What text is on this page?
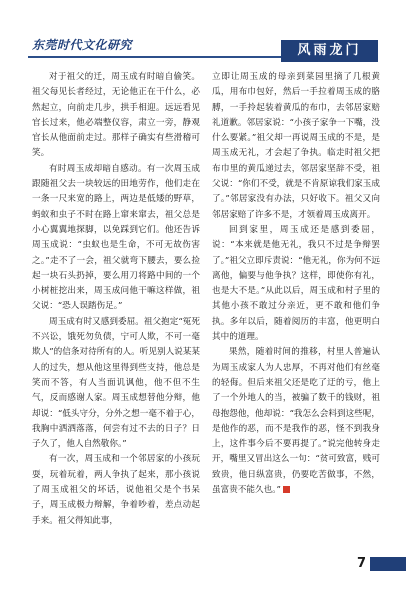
东莞时代文化研究	风雨龙门

对于祖父的迁，周玉成有时暗自偷笑。祖父每见长者经过，无论他正在干什么，必然起立，向前走几步，拱手相迎。远远看见官长过来，他必端整仪容，肃立一旁，静观官长从他面前走过。那样子确实有些滑稽可笑。

有时周玉成却暗自感动。有一次周玉成跟随祖父去一块较远的田地劳作，他们走在一条一尺来宽的路上，两边是低矮的野草，蚂蚁和虫子不时在路上窜来窜去，祖父总是小心翼翼地探脚，以免踩到它们。他还告诉周玉成说：“虫蚁也是生命，不可无故伤害之。”走不了一会，祖父就弯下腰去，要么捡起一块石头扔掉，要么用刀将路中间的一个小树桩挖出来，周玉成问他干嘛这样做，祖父说：“恐人误踏伤足。”

周玉成有时又感到委屈。祖父抱定“冤死不兴讼，饿死勿负债，宁可人欺，不可一毫欺人”的信条对待所有的人。听见别人说某某人的过失，想从他这里得到些支持，他总是笑而不答，有人当面讥讽他，他不但不生气，反而感谢人家。周玉成想替他分辩，他却说：“低头守分，分外之想一毫不着于心，我胸中洒洒落落，何尝有过不去的日子？日子久了，他人自然敬你。”

有一次，周玉成和一个邻居家的小孩玩耍，玩着玩着，两人争执了起来，那小孩说了周玉成祖父的坏话，说他祖父是个书呆子，周玉成极力辩解，争着吵着，差点动起手来。祖父得知此事，

立即让周玉成的母亲到菜园里摘了几根黄瓜，用布巾包好，然后一手拉着周玉成的胳膊，一手拎起装着黄瓜的布巾，去邻居家赔礼道歉。邻居家说：“小孩子家争一下嘴，没什么要紧。”祖父却一再说周玉成的不是，是周玉成无礼，才会起了争执。临走时祖父把布巾里的黄瓜递过去，邻居家坚辞不受，祖父说：“你们不受，就是不肯原谅我们家玉成了。”邻居家没有办法，只好收下。祖父又向邻居家赔了许多不是，才领着周玉成离开。

回到家里，周玉成还是感到委屈，说：“本来就是他无礼，我只不过是争辩罢了。”祖父立即斥责说：“他无礼，你为何不远离他，偏要与他争执？这样，即使你有礼，也是大不是。”从此以后，周玉成和村子里的其他小孩不敢过分亲近，更不敢和他们争执。多年以后，随着阅历的丰富，他更明白其中的道理。

果然，随着时间的推移，村里人普遍认为周玉成家人为人忠厚，不再对他们有丝毫的轻侮。但后来祖父还是吃了迂的亏，他上了一个外地人的当，被骗了数千的钱财，祖母抱怨他，他却说：“我怎么会料到这些呢，是他作的恶，而不是我作的恶，怪不到我身上，这件事今后不要再提了。”说完他转身走开，嘴里又冒出这么一句：“贫可致富，贱可致贵，他日纵富贵，仍要吃苦做事，不然，虽富贵不能久也。”

7
